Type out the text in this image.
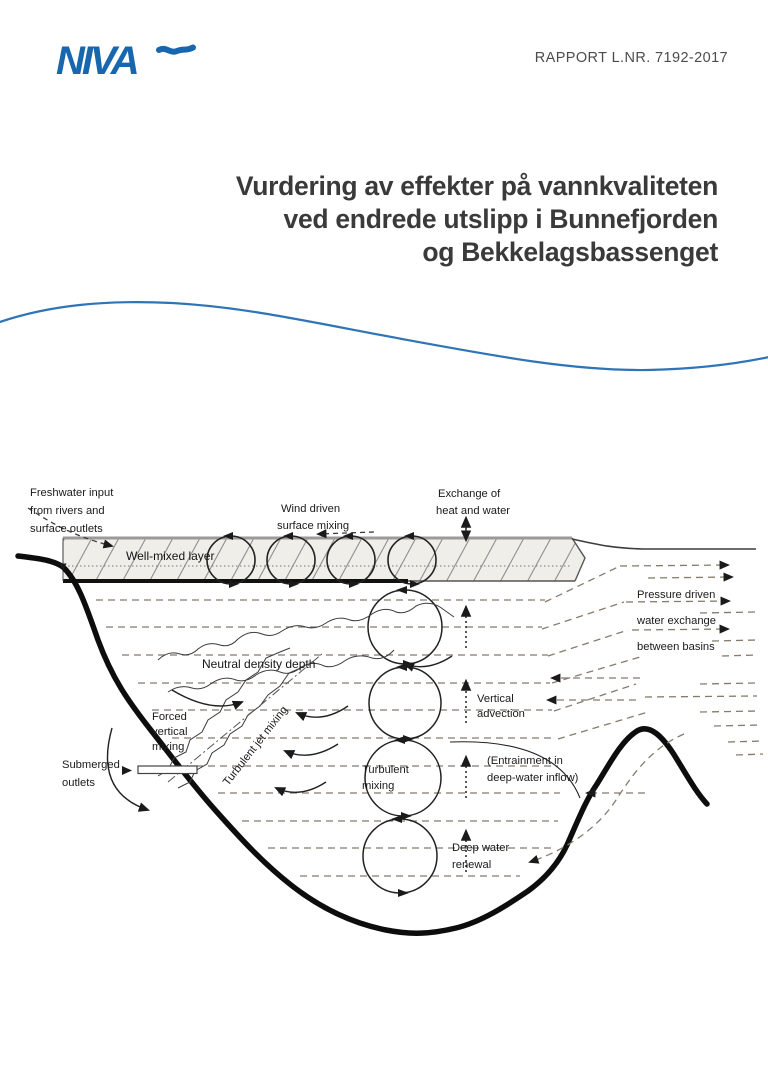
NIVA	RAPPORT L.NR. 7192-2017
Vurdering av effekter på vannkvaliteten
ved endrede utslipp i Bunnefjorden
og Bekkelagsbassenget
Freshwater input
from rivers and
surface outlets
Wind driven
surface mixing
Exchange of
heat and water
Well-mixed layer
Pressure driven
water exchange
between basins
Neutral density depth
Vertical
advection
Forced
vertical
mixing	Turbulent jet mixing
Submerged
outlets
Turbulent
mixing
(Entrainment in
deep-water inflow)
Deep water
renewal
